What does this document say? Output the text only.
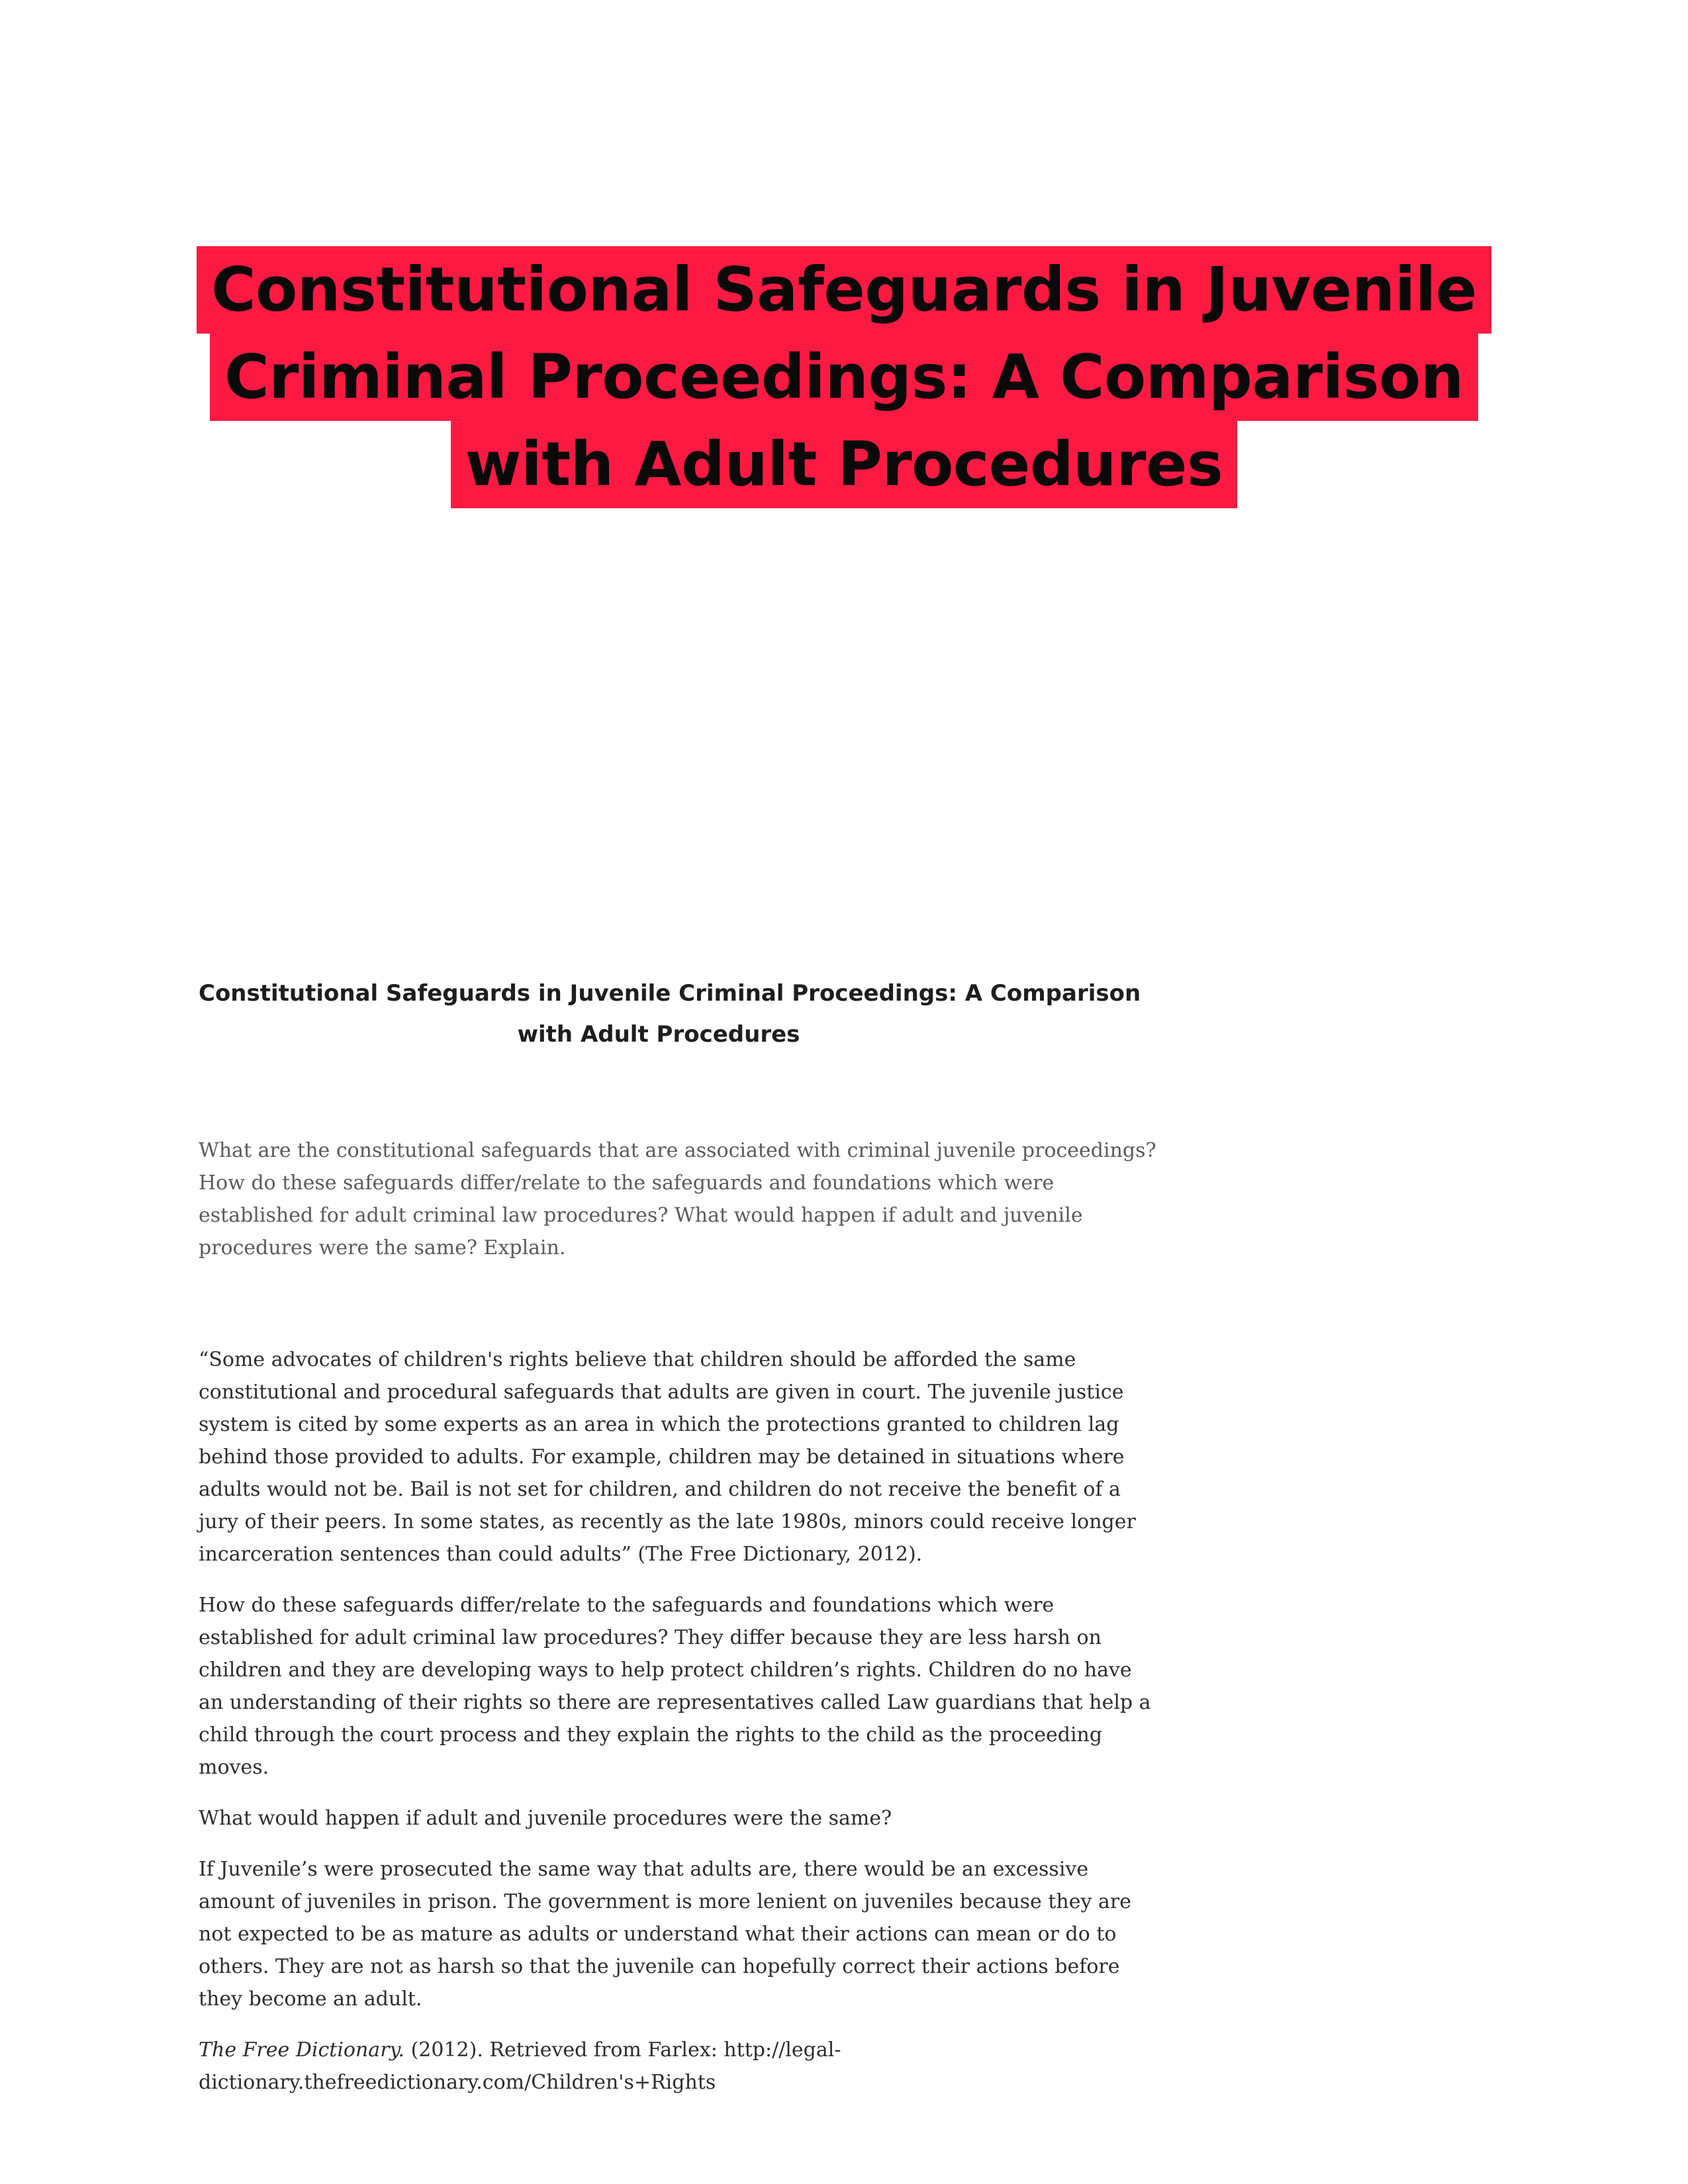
Constitutional Safeguards in Juvenile
Criminal Proceedings: A Comparison
with Adult Procedures
Constitutional Safeguards in Juvenile Criminal Proceedings: A Comparison
with Adult Procedures
What are the constitutional safeguards that are associated with criminal juvenile proceedings?
How do these safeguards differ/relate to the safeguards and foundations which were
established for adult criminal law procedures? What would happen if adult and juvenile
procedures were the same? Explain.
“Some advocates of children's rights believe that children should be afforded the same
constitutional and procedural safeguards that adults are given in court. The juvenile justice
system is cited by some experts as an area in which the protections granted to children lag
behind those provided to adults. For example, children may be detained in situations where
adults would not be. Bail is not set for children, and children do not receive the benefit of a
jury of their peers. In some states, as recently as the late 1980s, minors could receive longer
incarceration sentences than could adults” (The Free Dictionary, 2012).
How do these safeguards differ/relate to the safeguards and foundations which were
established for adult criminal law procedures? They differ because they are less harsh on
children and they are developing ways to help protect children’s rights. Children do no have
an understanding of their rights so there are representatives called Law guardians that help a
child through the court process and they explain the rights to the child as the proceeding
moves.
What would happen if adult and juvenile procedures were the same?
If Juvenile’s were prosecuted the same way that adults are, there would be an excessive
amount of juveniles in prison. The government is more lenient on juveniles because they are
not expected to be as mature as adults or understand what their actions can mean or do to
others. They are not as harsh so that the juvenile can hopefully correct their actions before
they become an adult.
The Free Dictionary. (2012). Retrieved from Farlex: http://legal-
dictionary.thefreedictionary.com/Children's+Rights
